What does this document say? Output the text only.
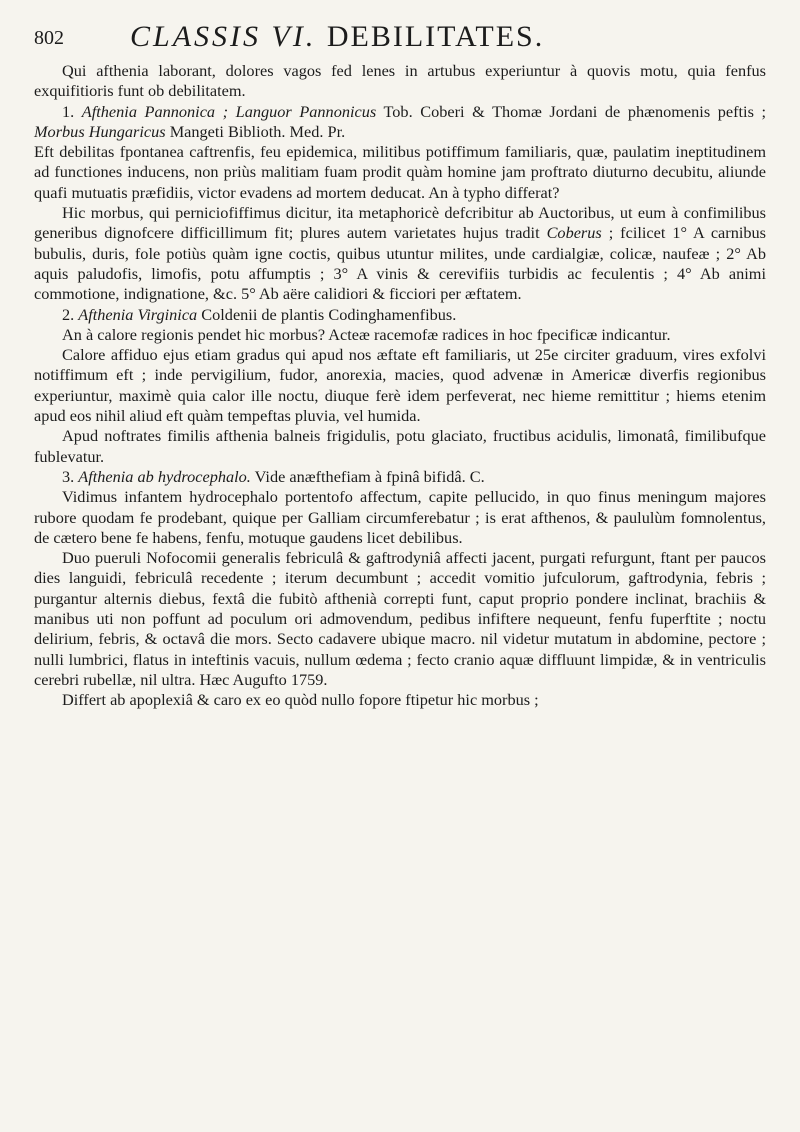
802 CLASSIS VI. DEBILITATES.

Qui afthenia laborant, dolores vagos fed lenes in artubus experiuntur à quovis motu, quia fenfus exquifitioris funt ob debilitatem.

1. Afthenia Pannonica ; Languor Pannonicus Tob. Coberi & Thomæ Jordani de phænomenis peftis ; Morbus Hungaricus Mangeti Biblioth. Med. Pr.

Eft debilitas fpontanea caftrenfis, feu epidemica, militibus potiffimum familiaris, quæ, paulatim ineptitudinem ad functiones inducens, non priùs malitiam fuam prodit quàm homine jam proftrato diuturno decubitu, aliunde quafi mutuatis præfidiis, victor evadens ad mortem deducat. An à typho differat?

Hic morbus, qui perniciofiffimus dicitur, ita metaphoricè defcribitur ab Auctoribus, ut eum à confimilibus generibus dignofcere difficillimum fit; plures autem varietates hujus tradit Coberus ; fcilicet 1° A carnibus bubulis, duris, fole potiùs quàm igne coctis, quibus utuntur milites, unde cardialgiæ, colicæ, naufeæ ; 2° Ab aquis paludofis, limofis, potu affumptis ; 3° A vinis & cerevifiis turbidis ac feculentis ; 4° Ab animi commotione, indignatione, &c. 5° Ab aëre calidiori & ficciori per æftatem.

2. Afthenia Virginica Coldenii de plantis Codinghamenfibus.

An à calore regionis pendet hic morbus? Acteæ racemofæ radices in hoc fpecificæ indicantur.

Calore affiduo ejus etiam gradus qui apud nos æftate eft familiaris, ut 25e circiter graduum, vires exfolvi notiffimum eft ; inde pervigilium, fudor, anorexia, macies, quod advenæ in Americæ diverfis regionibus experiuntur, maximè quia calor ille noctu, diuque ferè idem perfeverat, nec hieme remittitur ; hiems etenim apud eos nihil aliud eft quàm tempeftas pluvia, vel humida.

Apud noftrates fimilis afthenia balneis frigidulis, potu glaciato, fructibus acidulis, limonatâ, fimilibufque fublevatur.

3. Afthenia ab hydrocephalo. Vide anæfthefiam à fpinâ bifidâ. C.

Vidimus infantem hydrocephalo portentofo affectum, capite pellucido, in quo finus meningum majores rubore quodam fe prodebant, quique per Galliam circumferebatur ; is erat afthenos, & paululùm fomnolentus, de cætero bene fe habens, fenfu, motuque gaudens licet debilibus.

Duo pueruli Nofocomii generalis febriculâ & gaftrodyniâ affecti jacent, purgati refurgunt, ftant per paucos dies languidi, febriculâ recedente ; iterum decumbunt ; accedit vomitio jufculorum, gaftrodynia, febris ; purgantur alternis diebus, fextâ die fubitò afthenià correpti funt, caput proprio pondere inclinat, brachiis & manibus uti non poffunt ad poculum ori admovendum, pedibus infiftere nequeunt, fenfu fuperftite ; noctu delirium, febris, & octavâ die mors. Secto cadavere ubique macro. nil videtur mutatum in abdomine, pectore ; nulli lumbrici, flatus in inteftinis vacuis, nullum œdema ; fecto cranio aquæ diffluunt limpidæ, & in ventriculis cerebri rubellæ, nil ultra. Hæc Augufto 1759.

Differt ab apoplexiâ & caro ex eo quòd nullo fopore ftipetur hic morbus ;
